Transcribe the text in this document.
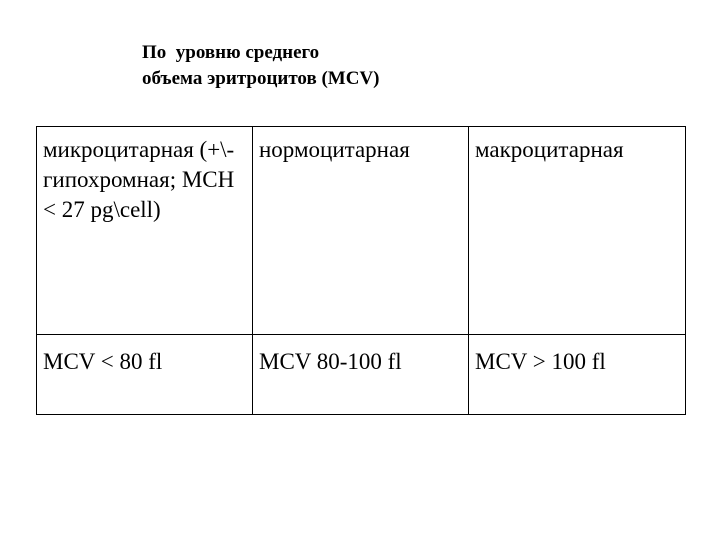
По  уровню среднего
объема эритроцитов (MCV)
микроцитарная (+\-гипохромная; MCH < 27 pg\cell)	нормоцитарная	макроцитарная
MCV < 80 fl	MCV 80-100 fl	MCV > 100 fl
